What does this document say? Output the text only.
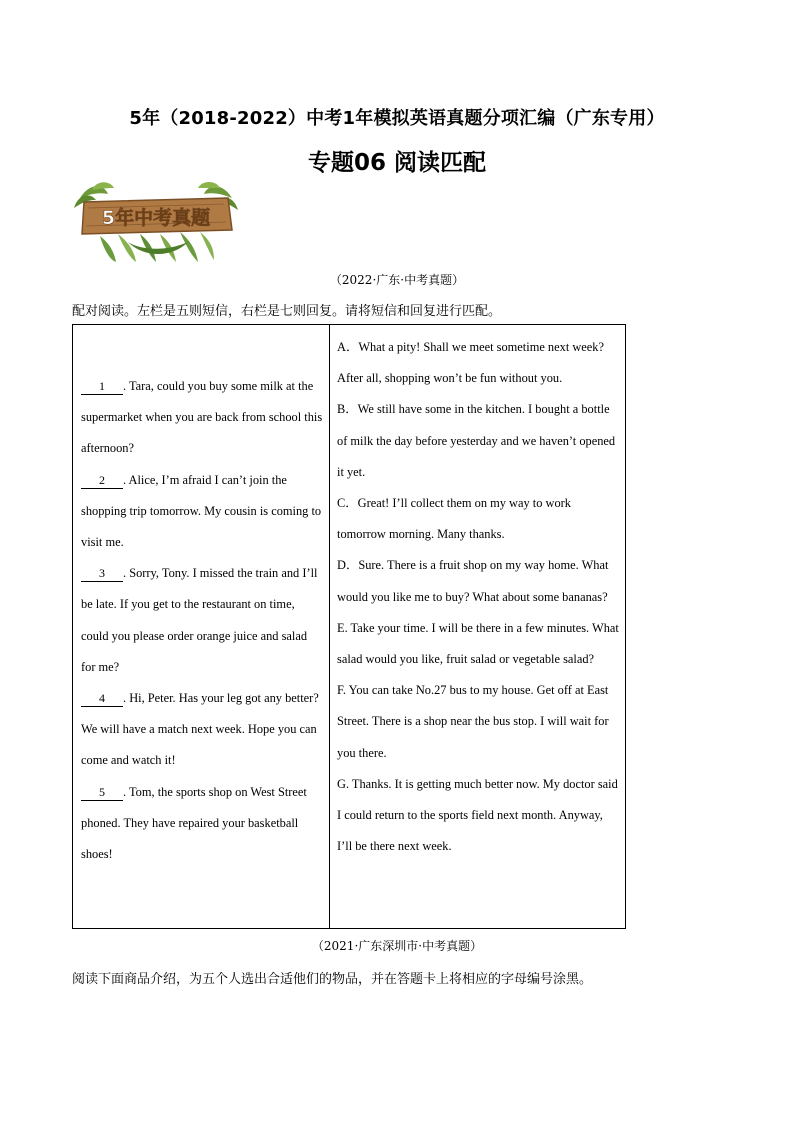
5年（2018-2022）中考1年模拟英语真题分项汇编（广东专用）
专题06 阅读匹配
5年中考真题
（2022·广东·中考真题）
配对阅读。左栏是五则短信，右栏是七则回复。请将短信和回复进行匹配。

1 . Tara, could you buy some milk at the supermarket when you are back from school this afternoon?

2 . Alice, I’m afraid I can’t join the shopping trip tomorrow. My cousin is coming to visit me.

3 . Sorry, Tony. I missed the train and I’ll be late. If you get to the restaurant on time, could you please order orange juice and salad for me?

4 . Hi, Peter. Has your leg got any better? We will have a match next week. Hope you can come and watch it!

5 . Tom, the sports shop on West Street phoned. They have repaired your basketball shoes!

A．What a pity! Shall we meet sometime next week? After all, shopping won’t be fun without you.

B．We still have some in the kitchen. I bought a bottle of milk the day before yesterday and we haven’t opened it yet.

C．Great! I’ll collect them on my way to work tomorrow morning. Many thanks.

D．Sure. There is a fruit shop on my way home. What would you like me to buy? What about some bananas?

E. Take your time. I will be there in a few minutes. What salad would you like, fruit salad or vegetable salad?

F. You can take No.27 bus to my house. Get off at East Street. There is a shop near the bus stop. I will wait for you there.

G. Thanks. It is getting much better now. My doctor said I could return to the sports field next month. Anyway, I’ll be there next week.

（2021·广东深圳市·中考真题）
阅读下面商品介绍，为五个人选出合适他们的物品，并在答题卡上将相应的字母编号涂黑。
